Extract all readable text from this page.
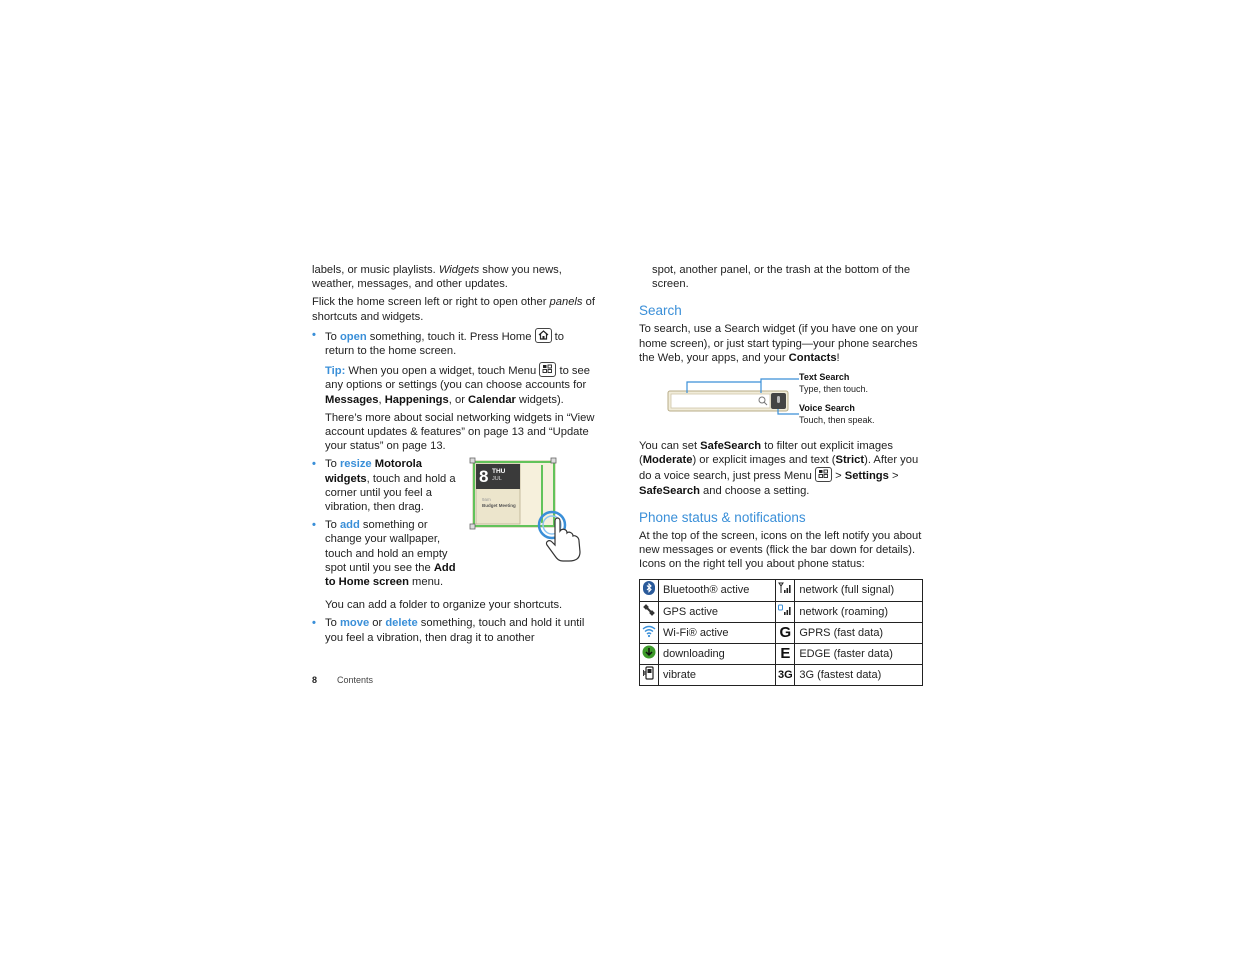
labels, or music playlists. Widgets show you news, weather, messages, and other updates.

Flick the home screen left or right to open other panels of shortcuts and widgets.

• To open something, touch it. Press Home
to return to the home screen.

Tip: When you open a widget, touch Menu
to see any options or settings (you can choose accounts for Messages, Happenings, or Calendar widgets).

There’s more about social networking widgets in “View account updates & features” on page 13 and “Update your status” on page 13.

8 THU
JUL
9am
Budget Meeting
• To resize Motorola widgets, touch and hold a corner until you feel a vibration, then drag.
• To add something or change your wallpaper, touch and hold an empty spot until you see the Add to Home screen menu.

You can add a folder to organize your shortcuts.

• To move or delete something, touch and hold it until you feel a vibration, then drag it to another

spot, another panel, or the trash at the bottom of the screen.

Search

To search, use a Search widget (if you have one on your home screen), or just start typing—your phone searches the Web, your apps, and your Contacts!

Text Search
Type, then touch.
Voice Search
Touch, then speak.

You can set SafeSearch to filter out explicit images (Moderate) or explicit images and text (Strict). After you do a voice search, just press Menu
> Settings > SafeSearch and choose a setting.

Phone status & notifications

At the top of the screen, icons on the left notify you about new messages or events (flick the bar down for details). Icons on the right tell you about phone status:

	Bluetooth® active		network (full signal)
	GPS active		network (roaming)
	Wi-Fi® active	G	GPRS (fast data)
	downloading	E	EDGE (faster data)
	vibrate	3G	3G (fastest data)
8 Contents
